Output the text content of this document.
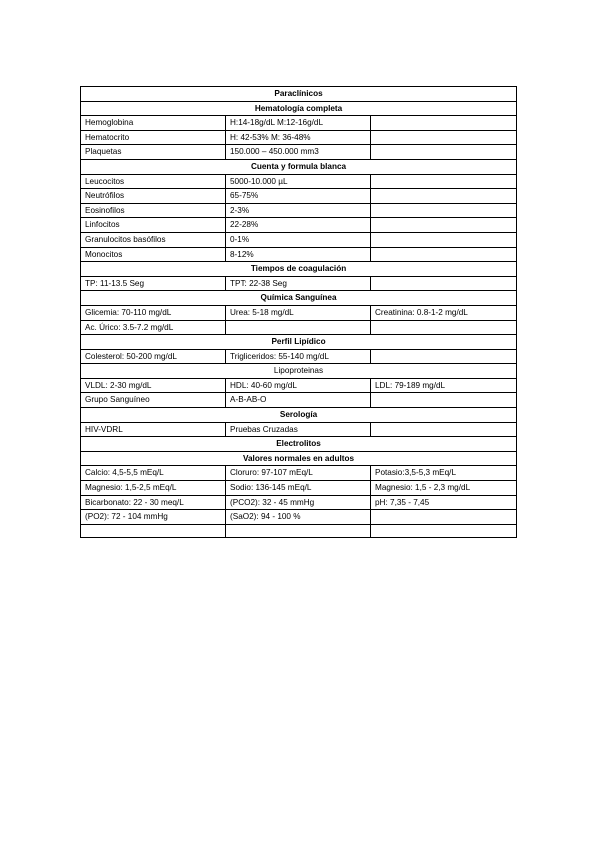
Paraclínicos		
Hematología completa		
Hemoglobina	H:14-18g/dL M:12-16g/dL	
Hematocrito	H: 42-53% M: 36-48%	
Plaquetas	150.000 – 450.000 mm3	
Cuenta y formula blanca		
Leucocitos	5000-10.000 µL	
Neutrófilos	65-75%	
Eosinofilos	2-3%	
Linfocitos	22-28%	
Granulocitos basófilos	0-1%	
Monocitos	8-12%	
Tiempos de coagulación		
TP: 11-13.5 Seg	TPT: 22-38 Seg	
Química Sanguínea		
Glicemia: 70-110 mg/dL	Urea: 5-18 mg/dL	Creatinina: 0.8-1-2 mg/dL
Ac. Úrico: 3.5-7.2 mg/dL		
Perfil Lipídico		
Colesterol: 50-200 mg/dL	Trigliceridos: 55-140 mg/dL	
Lipoproteinas		
VLDL: 2-30 mg/dL	HDL: 40-60 mg/dL	LDL: 79-189 mg/dL
Grupo Sanguíneo	A-B-AB-O	
Serología		
HIV-VDRL	Pruebas Cruzadas	
Electrolitos		
Valores normales en adultos		
Calcio: 4,5-5,5 mEq/L	Cloruro: 97-107 mEq/L	Potasio:3,5-5,3 mEq/L
Magnesio: 1,5-2,5 mEq/L	Sodio: 136-145 mEq/L	Magnesio: 1,5 - 2,3 mg/dL
Bicarbonato: 22 - 30 meq/L	(PCO2): 32 - 45 mmHg	pH: 7,35 - 7,45
(PO2): 72 - 104 mmHg	(SaO2): 94 - 100 %	
